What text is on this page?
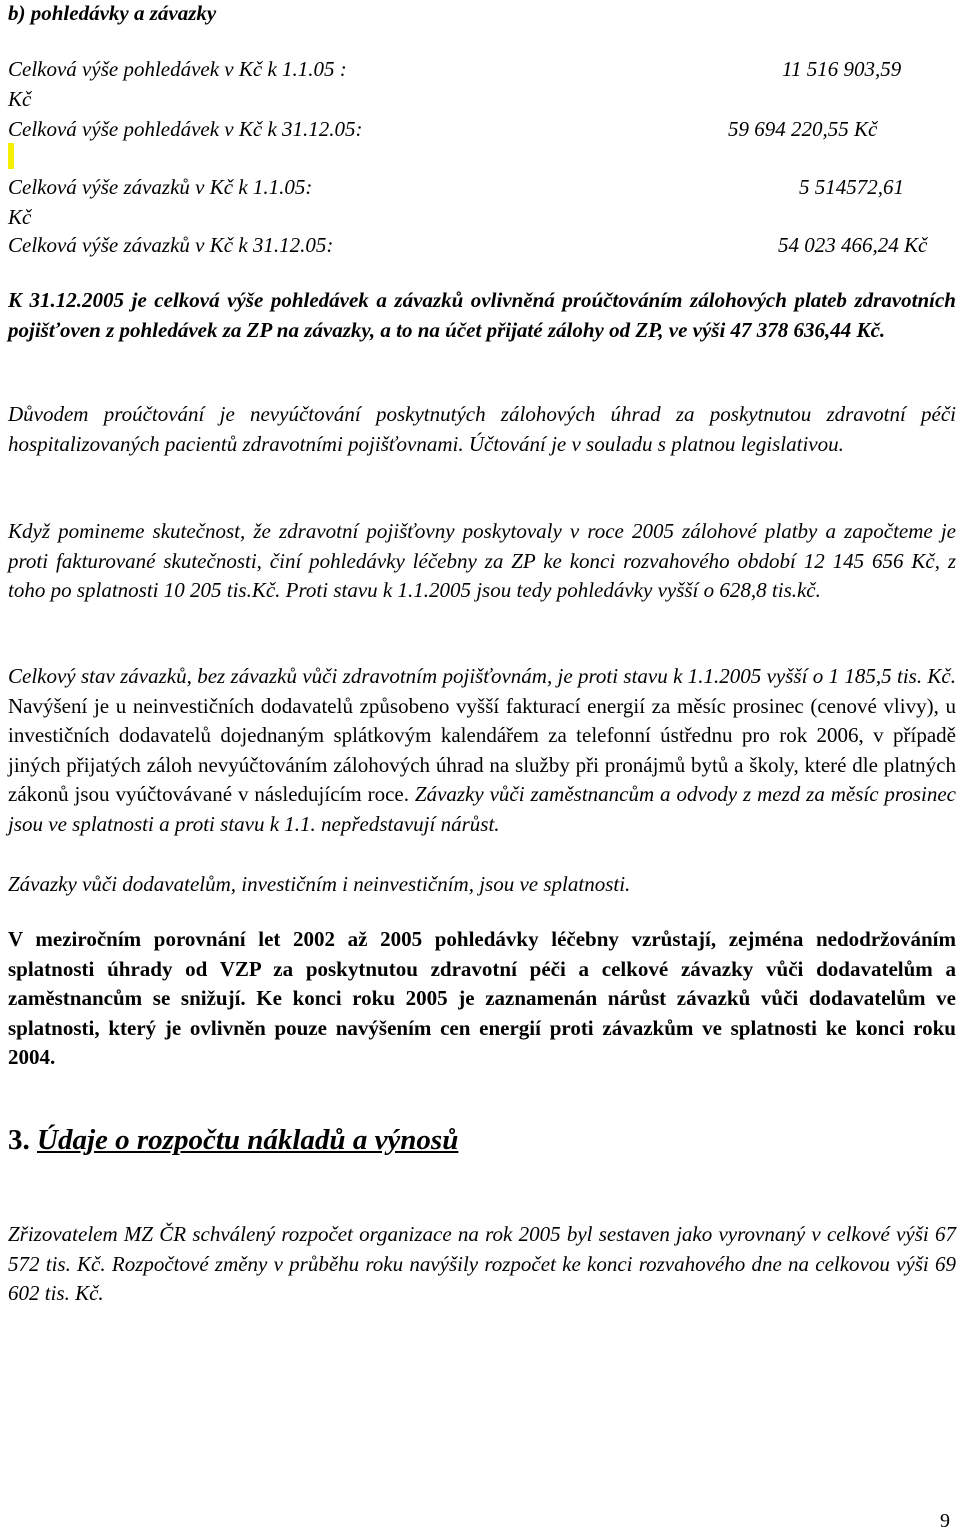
b) pohledávky a závazky
Celková výše pohledávek v Kč k 1.1.05 :	11 516 903,59
Kč
Celková výše pohledávek v Kč k 31.12.05:	59 694 220,55 Kč
Celková výše závazků v Kč k 1.1.05:	5 514572,61
Kč
Celková výše závazků v Kč k 31.12.05:	54 023 466,24 Kč
K 31.12.2005 je celková výše pohledávek a závazků ovlivněná proúčtováním zálohových plateb zdravotních pojišťoven z pohledávek za ZP na závazky, a to na účet přijaté zálohy od ZP, ve výši 47 378 636,44 Kč.
Důvodem proúčtování je nevyúčtování poskytnutých zálohových úhrad za poskytnutou zdravotní péči hospitalizovaných pacientů zdravotními pojišťovnami. Účtování je v souladu s platnou legislativou.
Když pomineme skutečnost, že zdravotní pojišťovny poskytovaly v roce 2005 zálohové platby a započteme je proti fakturované skutečnosti, činí pohledávky léčebny za ZP ke konci rozvahového období 12 145 656 Kč, z toho po splatnosti 10 205 tis.Kč. Proti stavu k 1.1.2005 jsou tedy pohledávky vyšší o 628,8 tis.kč.
Celkový stav závazků, bez závazků vůči zdravotním pojišťovnám, je proti stavu k 1.1.2005 vyšší o 1 185,5 tis. Kč. Navýšení je u neinvestičních dodavatelů způsobeno vyšší fakturací energií za měsíc prosinec (cenové vlivy), u investičních dodavatelů dojednaným splátkovým kalendářem za telefonní ústřednu pro rok 2006, v případě jiných přijatých záloh nevyúčtováním zálohových úhrad na služby při pronájmů bytů a školy, které dle platných zákonů jsou vyúčtovávané v následujícím roce. Závazky vůči zaměstnancům a odvody z mezd za měsíc prosinec jsou ve splatnosti a proti stavu k 1.1. nepředstavují nárůst.
Závazky vůči dodavatelům, investičním i neinvestičním, jsou ve splatnosti.
V meziročním porovnání let 2002 až 2005 pohledávky léčebny vzrůstají, zejména nedodržováním splatnosti úhrady od VZP za poskytnutou zdravotní péči a celkové závazky vůči dodavatelům a zaměstnancům se snižují. Ke konci roku 2005 je zaznamenán nárůst závazků vůči dodavatelům ve splatnosti, který je ovlivněn pouze navýšením cen energií proti závazkům ve splatnosti ke konci roku 2004.
3. Údaje o rozpočtu nákladů a výnosů
Zřizovatelem MZ ČR schválený rozpočet organizace na rok 2005 byl sestaven jako vyrovnaný v celkové výši 67 572 tis. Kč. Rozpočtové změny v průběhu roku navýšily rozpočet ke konci rozvahového dne na celkovou výši 69 602 tis. Kč.
9
